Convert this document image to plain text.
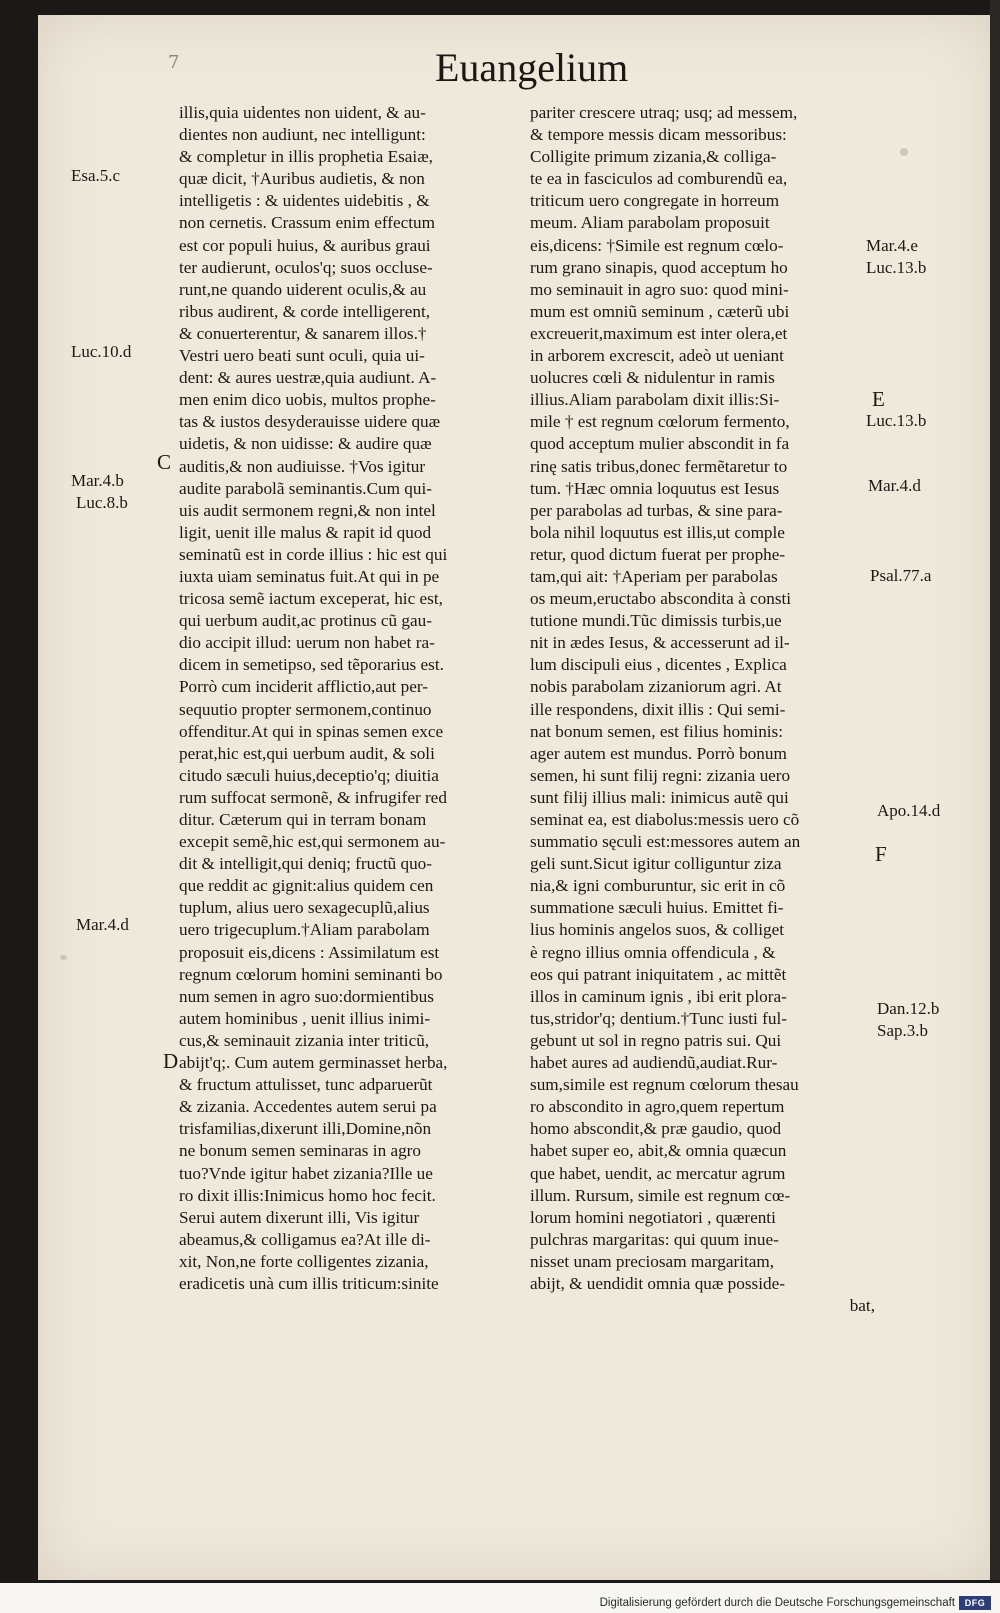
7	Euangelium
Esa.5.c
Luc.10.d
Mar.4.b
Luc.8.b
Mar.4.d
C
D
E
F
Mar.4.e
Luc.13.b
Luc.13.b
Mar.4.d
Psal.77.a
Apo.14.d
Dan.12.b
Sap.3.b
illis,quia uidentes non uident, & au-
dientes non audiunt, nec intelligunt:
& completur in illis prophetia Esaiæ,
quæ dicit, †Auribus audietis, & non
intelligetis : & uidentes uidebitis , &
non cernetis. Crassum enim effectum
est cor populi huius, & auribus graui
ter audierunt, oculos'q; suos occluse-
runt,ne quando uiderent oculis,& au
ribus audirent, & corde intelligerent,
& conuerterentur, & sanarem illos.†
Vestri uero beati sunt oculi, quia ui-
dent: & aures uestræ,quia audiunt. A-
men enim dico uobis, multos prophe-
tas & iustos desyderauisse uidere quæ
uidetis, & non uidisse: & audire quæ
auditis,& non audiuisse. †Vos igitur
audite parabolã seminantis.Cum qui-
uis audit sermonem regni,& non intel
ligit, uenit ille malus & rapit id quod
seminatũ est in corde illius : hic est qui
iuxta uiam seminatus fuit.At qui in pe
tricosa semẽ iactum exceperat, hic est,
qui uerbum audit,ac protinus cũ gau-
dio accipit illud: uerum non habet ra-
dicem in semetipso, sed tẽporarius est.
Porrò cum inciderit afflictio,aut per-
sequutio propter sermonem,continuo
offenditur.At qui in spinas semen exce
perat,hic est,qui uerbum audit, & soli
citudo sæculi huius,deceptio'q; diuitia
rum suffocat sermonẽ, & infrugifer red
ditur. Cæterum qui in terram bonam
excepit semẽ,hic est,qui sermonem au-
dit & intelligit,qui deniq; fructũ quo-
que reddit ac gignit:alius quidem cen
tuplum, alius uero sexagecuplũ,alius
uero trigecuplum.†Aliam parabolam
proposuit eis,dicens : Assimilatum est
regnum cœlorum homini seminanti bo
num semen in agro suo:dormientibus
autem hominibus , uenit illius inimi-
cus,& seminauit zizania inter triticũ,
abijt'q;. Cum autem germinasset herba,
& fructum attulisset, tunc adparuerũt
& zizania. Accedentes autem serui pa
trisfamilias,dixerunt illi,Domine,nõn
ne bonum semen seminaras in agro
tuo?Vnde igitur habet zizania?Ille ue
ro dixit illis:Inimicus homo hoc fecit.
Serui autem dixerunt illi, Vis igitur
abeamus,& colligamus ea?At ille di-
xit, Non,ne forte colligentes zizania,
eradicetis unà cum illis triticum:sinite
pariter crescere utraq; usq; ad messem,
& tempore messis dicam messoribus:
Colligite primum zizania,& colliga-
te ea in fasciculos ad comburendũ ea,
triticum uero congregate in horreum
meum. Aliam parabolam proposuit
eis,dicens: †Simile est regnum cœlo-
rum grano sinapis, quod acceptum ho
mo seminauit in agro suo: quod mini-
mum est omniũ seminum , cæterũ ubi
excreuerit,maximum est inter olera,et
in arborem excrescit, adeò ut ueniant
uolucres cœli & nidulentur in ramis
illius.Aliam parabolam dixit illis:Si-
mile † est regnum cœlorum fermento,
quod acceptum mulier abscondit in fa
rinę satis tribus,donec fermẽtaretur to
tum. †Hæc omnia loquutus est Iesus
per parabolas ad turbas, & sine para-
bola nihil loquutus est illis,ut comple
retur, quod dictum fuerat per prophe-
tam,qui ait: †Aperiam per parabolas
os meum,eructabo abscondita à consti
tutione mundi.Tũc dimissis turbis,ue
nit in ædes Iesus, & accesserunt ad il-
lum discipuli eius , dicentes , Explica
nobis parabolam zizaniorum agri. At
ille respondens, dixit illis : Qui semi-
nat bonum semen, est filius hominis:
ager autem est mundus. Porrò bonum
semen, hi sunt filij regni: zizania uero
sunt filij illius mali: inimicus autẽ qui
seminat ea, est diabolus:messis uero cõ
summatio sęculi est:messores autem an
geli sunt.Sicut igitur colliguntur ziza
nia,& igni comburuntur, sic erit in cõ
summatione sæculi huius. Emittet fi-
lius hominis angelos suos, & colliget
è regno illius omnia offendicula , &
eos qui patrant iniquitatem , ac mittẽt
illos in caminum ignis , ibi erit plora-
tus,stridor'q; dentium.†Tunc iusti ful-
gebunt ut sol in regno patris sui. Qui
habet aures ad audiendũ,audiat.Rur-
sum,simile est regnum cœlorum thesau
ro abscondito in agro,quem repertum
homo abscondit,& præ gaudio, quod
habet super eo, abit,& omnia quæcun
que habet, uendit, ac mercatur agrum
illum. Rursum, simile est regnum cœ-
lorum homini negotiatori , quærenti
pulchras margaritas: qui quum inue-
nisset unam preciosam margaritam,
abijt, & uendidit omnia quæ posside-
bat,
Digitalisierung gefördert durch die Deutsche Forschungsgemeinschaft	DFG
